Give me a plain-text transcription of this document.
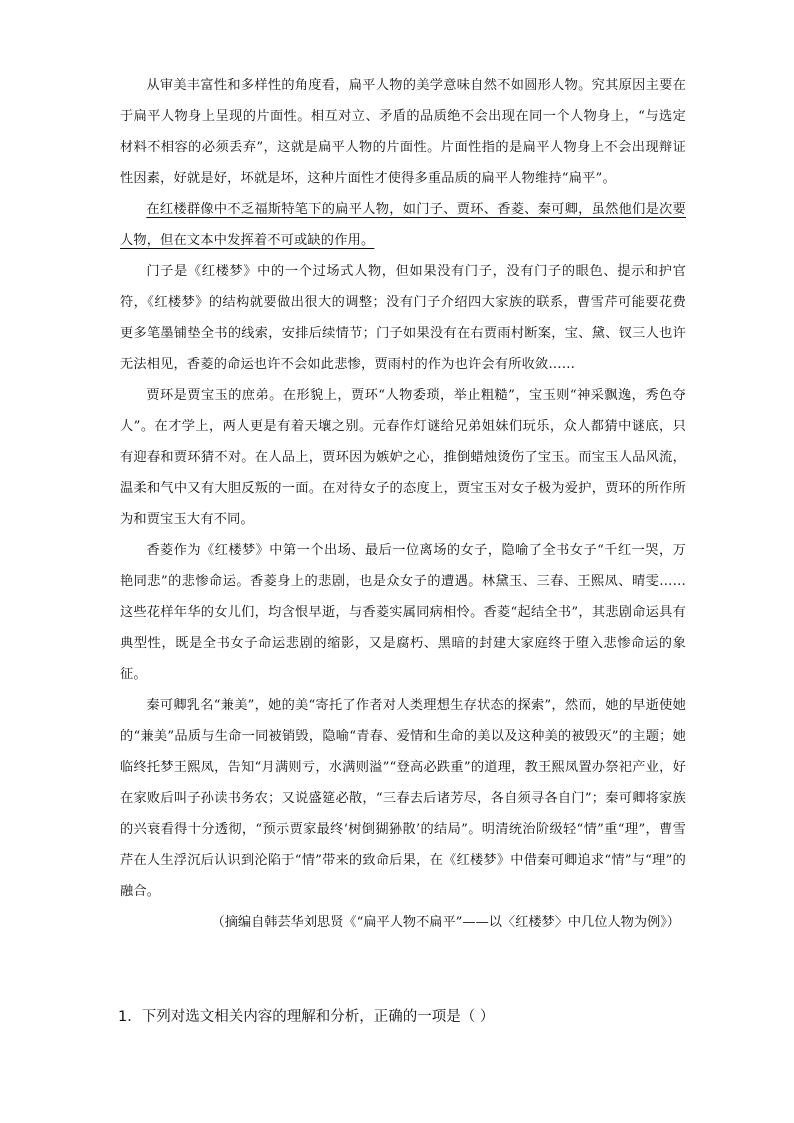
从审美丰富性和多样性的角度看，扁平人物的美学意味自然不如圆形人物。究其原因主要在于扁平人物身上呈现的片面性。相互对立、矛盾的品质绝不会出现在同一个人物身上，“与选定材料不相容的必须丢弃”，这就是扁平人物的片面性。片面性指的是扁平人物身上不会出现辩证性因素，好就是好，坏就是坏，这种片面性才使得多重品质的扁平人物维持“扁平”。

在红楼群像中不乏福斯特笔下的扁平人物，如门子、贾环、香菱、秦可卿，虽然他们是次要人物，但在文本中发挥着不可或缺的作用。

门子是《红楼梦》中的一个过场式人物，但如果没有门子，没有门子的眼色、提示和护官符，《红楼梦》的结构就要做出很大的调整；没有门子介绍四大家族的联系，曹雪芹可能要花费更多笔墨铺垫全书的线索，安排后续情节；门子如果没有在右贾雨村断案，宝、黛、钗三人也许无法相见，香菱的命运也许不会如此悲惨，贾雨村的作为也许会有所收敛……

贾环是贾宝玉的庶弟。在形貌上，贾环“人物委琐，举止粗糙”，宝玉则“神采飘逸，秀色夺人”。在才学上，两人更是有着天壤之别。元春作灯谜给兄弟姐妹们玩乐，众人都猜中谜底，只有迎春和贾环猜不对。在人品上，贾环因为嫉妒之心，推倒蜡烛烫伤了宝玉。而宝玉人品风流，温柔和气中又有大胆反叛的一面。在对待女子的态度上，贾宝玉对女子极为爱护，贾环的所作所为和贾宝玉大有不同。

香菱作为《红楼梦》中第一个出场、最后一位离场的女子，隐喻了全书女子“千红一哭，万艳同悲”的悲惨命运。香菱身上的悲剧，也是众女子的遭遇。林黛玉、三春、王熙凤、晴雯……这些花样年华的女儿们，均含恨早逝，与香菱实属同病相怜。香菱“起结全书”，其悲剧命运具有典型性，既是全书女子命运悲剧的缩影，又是腐朽、黑暗的封建大家庭终于堕入悲惨命运的象征。

秦可卿乳名“兼美”，她的美“寄托了作者对人类理想生存状态的探索”，然而，她的早逝使她的“兼美”品质与生命一同被销毁，隐喻“青春、爱情和生命的美以及这种美的被毁灭”的主题；她临终托梦王熙凤，告知“月满则亏，水满则溢”“登高必跌重”的道理，教王熙凤置办祭祀产业，好在家败后叫子孙读书务农；又说盛筵必散，“三春去后诸芳尽，各自须寻各自门”；秦可卿将家族的兴衰看得十分透彻，“预示贾家最终‘树倒猢狲散’的结局”。明清统治阶级轻“情”重“理”，曹雪芹在人生浮沉后认识到沦陷于“情”带来的致命后果，在《红楼梦》中借秦可卿追求“情”与“理”的融合。

（摘编自韩芸华刘思贤《“扁平人物不扁平”——以〈红楼梦〉中几位人物为例》）

1．下列对选文相关内容的理解和分析，正确的一项是（ ）
